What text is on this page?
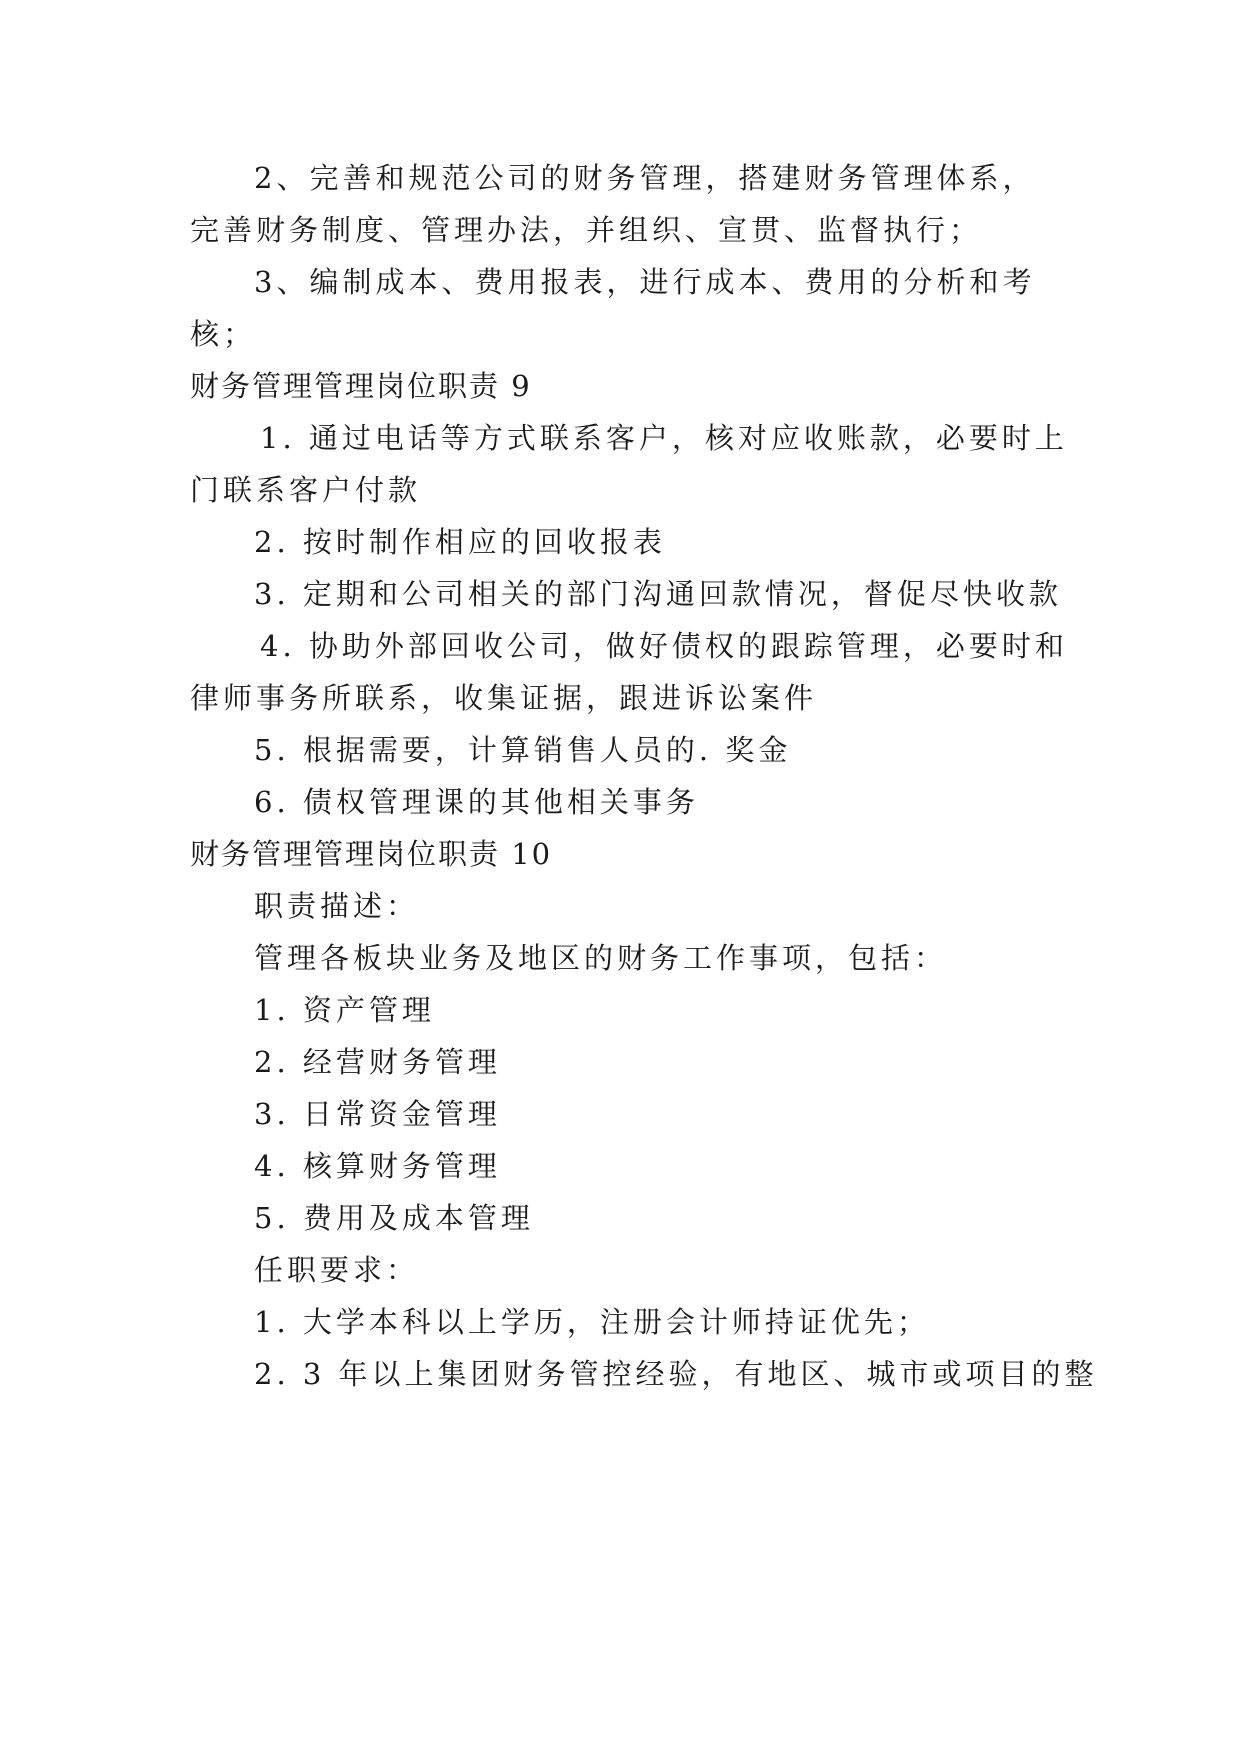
2、完善和规范公司的财务管理，搭建财务管理体系，
完善财务制度、管理办法，并组织、宣贯、监督执行；
3、编制成本、费用报表，进行成本、费用的分析和考
核；
财务管理管理岗位职责 9
1. 通过电话等方式联系客户，核对应收账款，必要时上
门联系客户付款
2. 按时制作相应的回收报表
3. 定期和公司相关的部门沟通回款情况，督促尽快收款
4. 协助外部回收公司，做好债权的跟踪管理，必要时和
律师事务所联系，收集证据，跟进诉讼案件
5. 根据需要，计算销售人员的. 奖金
6. 债权管理课的其他相关事务
财务管理管理岗位职责 10
职责描述：
管理各板块业务及地区的财务工作事项，包括：
1. 资产管理
2. 经营财务管理
3. 日常资金管理
4. 核算财务管理
5. 费用及成本管理
任职要求：
1. 大学本科以上学历，注册会计师持证优先；
2. 3 年以上集团财务管控经验，有地区、城市或项目的整
